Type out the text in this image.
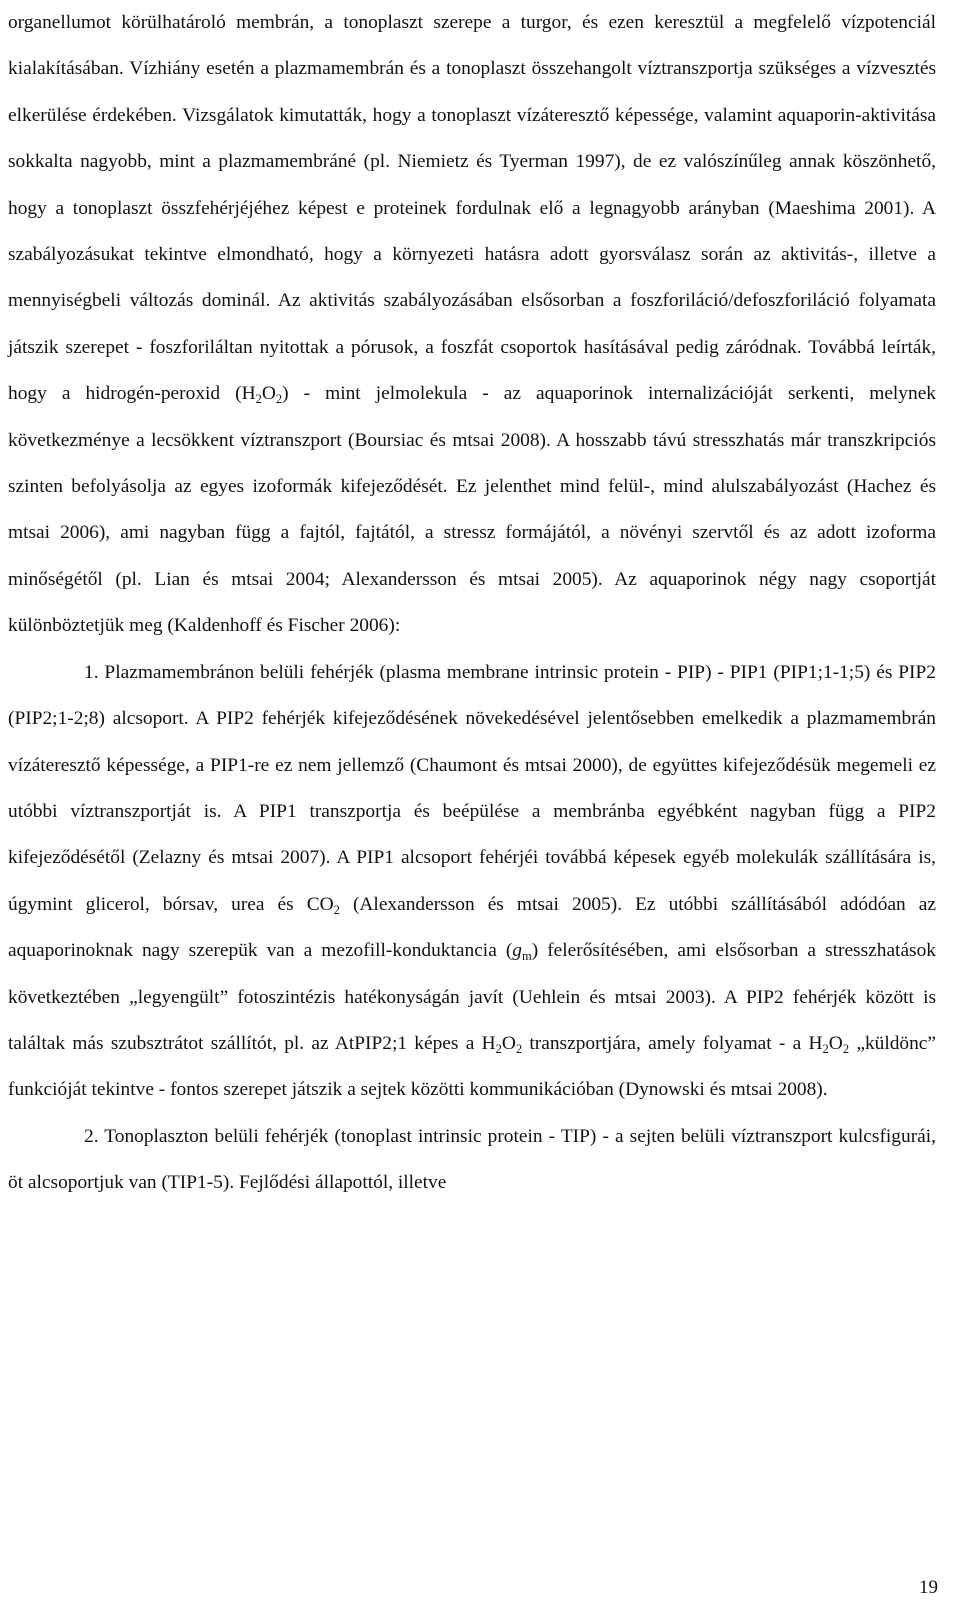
organellumot körülhatároló membrán, a tonoplaszt szerepe a turgor, és ezen keresztül a megfelelő vízpotenciál kialakításában. Vízhiány esetén a plazmamembrán és a tonoplaszt összehangolt víztranszportja szükséges a vízvesztés elkerülése érdekében. Vizsgálatok kimutatták, hogy a tonoplaszt vízáteresztő képessége, valamint aquaporin-aktivitása sokkalta nagyobb, mint a plazmamembráné (pl. Niemietz és Tyerman 1997), de ez valószínűleg annak köszönhető, hogy a tonoplaszt összfehérjéjéhez képest e proteinek fordulnak elő a legnagyobb arányban (Maeshima 2001). A szabályozásukat tekintve elmondható, hogy a környezeti hatásra adott gyorsválasz során az aktivitás-, illetve a mennyiségbeli változás dominál. Az aktivitás szabályozásában elsősorban a foszforiláció/defoszforiláció folyamata játszik szerepet - foszforiláltan nyitottak a pórusok, a foszfát csoportok hasításával pedig záródnak. Továbbá leírták, hogy a hidrogén-peroxid $(H_2O_2)$ - mint jelmolekula - az aquaporinok internalizációját serkenti, melynek következménye a lecsökkent víztranszport (Boursiac és mtsai 2008). A hosszabb távú stresszhatás már transzkripciós szinten befolyásolja az egyes izoformák kifejeződését. Ez jelenthet mind felül-, mind alulszabályozást (Hachez és mtsai 2006), ami nagyban függ a fajtól, fajtától, a stressz formájától, a növényi szervtől és az adott izoforma minőségétől (pl. Lian és mtsai 2004; Alexandersson és mtsai 2005). Az aquaporinok négy nagy csoportját különböztetjük meg (Kaldenhoff és Fischer 2006):

1. Plazmamembránon belüli fehérjék (plasma membrane intrinsic protein - PIP) - PIP1 (PIP1;1-1;5) és PIP2 (PIP2;1-2;8) alcsoport. A PIP2 fehérjék kifejeződésének növekedésével jelentősebben emelkedik a plazmamembrán vízáteresztő képessége, a PIP1-re ez nem jellemző (Chaumont és mtsai 2000), de együttes kifejeződésük megemeli ez utóbbi víztranszportját is. A PIP1 transzportja és beépülése a membránba egyébként nagyban függ a PIP2 kifejeződésétől (Zelazny és mtsai 2007). A PIP1 alcsoport fehérjéi továbbá képesek egyéb molekulák szállítására is, úgymint glicerol, bórsav, urea és $CO_2$ (Alexandersson és mtsai 2005). Ez utóbbi szállításából adódóan az aquaporinoknak nagy szerepük van a mezofill-konduktancia $(g_m)$ felerősítésében, ami elsősorban a stresszhatások következtében „legyengült” fotoszintézis hatékonyságán javít (Uehlein és mtsai 2003). A PIP2 fehérjék között is találtak más szubsztrátot szállítót, pl. az AtPIP2;1 képes a $H_2O_2$ transzportjára, amely folyamat - a $H_2O_2$ „küldönc” funkcióját tekintve - fontos szerepet játszik a sejtek közötti kommunikációban (Dynowski és mtsai 2008).

2. Tonoplaszton belüli fehérjék (tonoplast intrinsic protein - TIP) - a sejten belüli víztranszport kulcsfigurái, öt alcsoportjuk van (TIP1-5). Fejlődési állapottól, illetve

19
